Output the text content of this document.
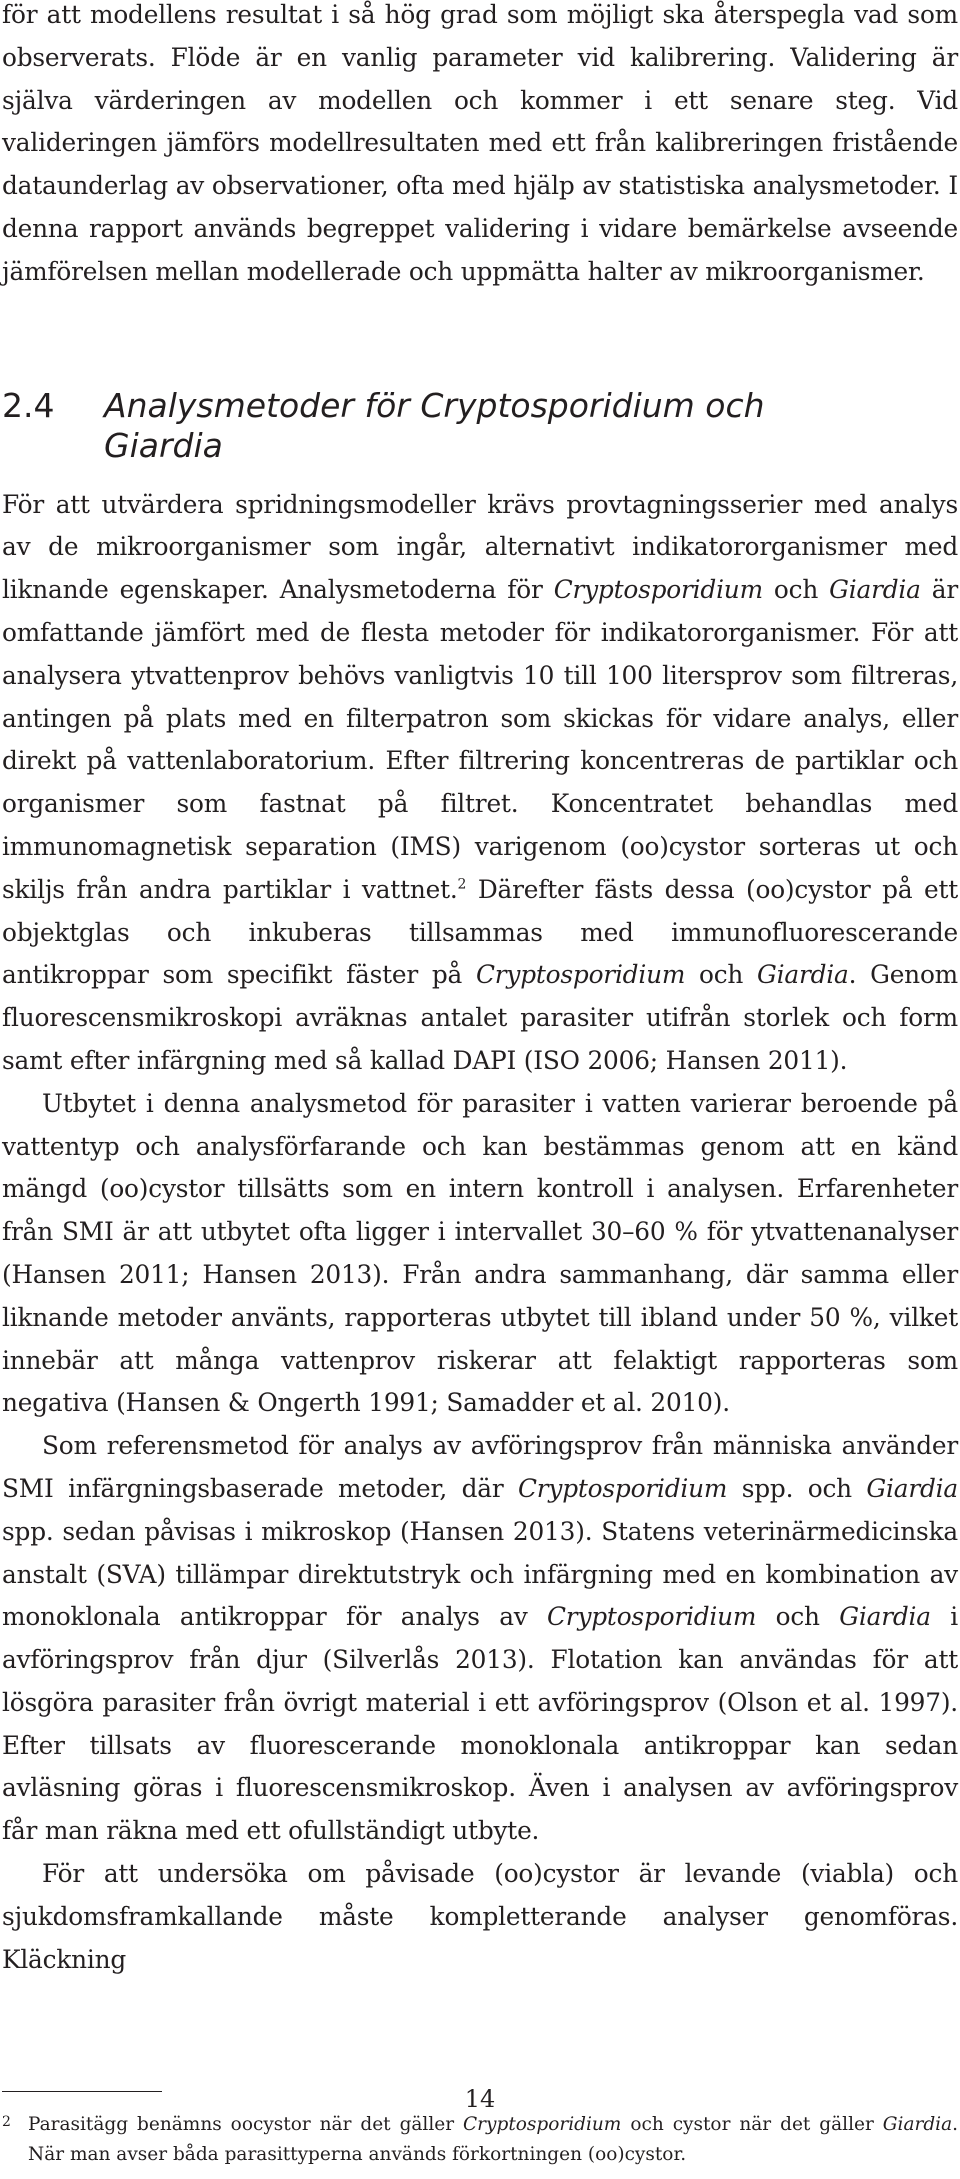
för att modellens resultat i så hög grad som möjligt ska återspegla vad som observerats. Flöde är en vanlig parameter vid kalibrering. Validering är själva värderingen av modellen och kommer i ett senare steg. Vid valideringen jämförs modellresultaten med ett från kalibreringen fristående dataunderlag av observationer, ofta med hjälp av statistiska analysmetoder. I denna rapport används begreppet validering i vidare bemärkelse avseende jämförelsen mellan modellerade och uppmätta halter av mikroorganismer.

2.4	Analysmetoder för Cryptosporidium och Giardia

För att utvärdera spridningsmodeller krävs provtagningsserier med analys av de mikroorganismer som ingår, alternativt indikatororganismer med liknande egenskaper. Analysmetoderna för Cryptosporidium och Giardia är omfattande jämfört med de flesta metoder för indikatororganismer. För att analysera ytvattenprov behövs vanligtvis 10 till 100 litersprov som filtreras, antingen på plats med en filterpatron som skickas för vidare analys, eller direkt på vattenlaboratorium. Efter filtrering koncentreras de partiklar och organismer som fastnat på filtret. Koncentratet behandlas med immunomagnetisk separation (IMS) varigenom (oo)cystor sorteras ut och skiljs från andra partiklar i vattnet.$^2$ Därefter fästs dessa (oo)cystor på ett objektglas och inkuberas tillsammas med immunofluorescerande antikroppar som specifikt fäster på Cryptosporidium och Giardia. Genom fluorescensmikroskopi avräknas antalet parasiter utifrån storlek och form samt efter infärgning med så kallad DAPI (ISO 2006; Hansen 2011).

Utbytet i denna analysmetod för parasiter i vatten varierar beroende på vattentyp och analysförfarande och kan bestämmas genom att en känd mängd (oo)cystor tillsätts som en intern kontroll i analysen. Erfarenheter från SMI är att utbytet ofta ligger i intervallet 30–60 % för ytvattenanalyser (Hansen 2011; Hansen 2013). Från andra sammanhang, där samma eller liknande metoder använts, rapporteras utbytet till ibland under 50 %, vilket innebär att många vattenprov riskerar att felaktigt rapporteras som negativa (Hansen & Ongerth 1991; Samadder et al. 2010).

Som referensmetod för analys av avföringsprov från människa använder SMI infärgningsbaserade metoder, där Cryptosporidium spp. och Giardia spp. sedan påvisas i mikroskop (Hansen 2013). Statens veterinärmedicinska anstalt (SVA) tillämpar direktutstryk och infärgning med en kombination av monoklonala antikroppar för analys av Cryptosporidium och Giardia i avföringsprov från djur (Silverlås 2013). Flotation kan användas för att lösgöra parasiter från övrigt material i ett avföringsprov (Olson et al. 1997). Efter tillsats av fluorescerande monoklonala antikroppar kan sedan avläsning göras i fluorescensmikroskop. Även i analysen av avföringsprov får man räkna med ett ofullständigt utbyte.

För att undersöka om påvisade (oo)cystor är levande (viabla) och sjukdomsframkallande måste kompletterande analyser genomföras. Kläckning

2 Parasitägg benämns oocystor när det gäller Cryptosporidium och cystor när det gäller Giardia. När man avser båda parasittyperna används förkortningen (oo)cystor.

14
